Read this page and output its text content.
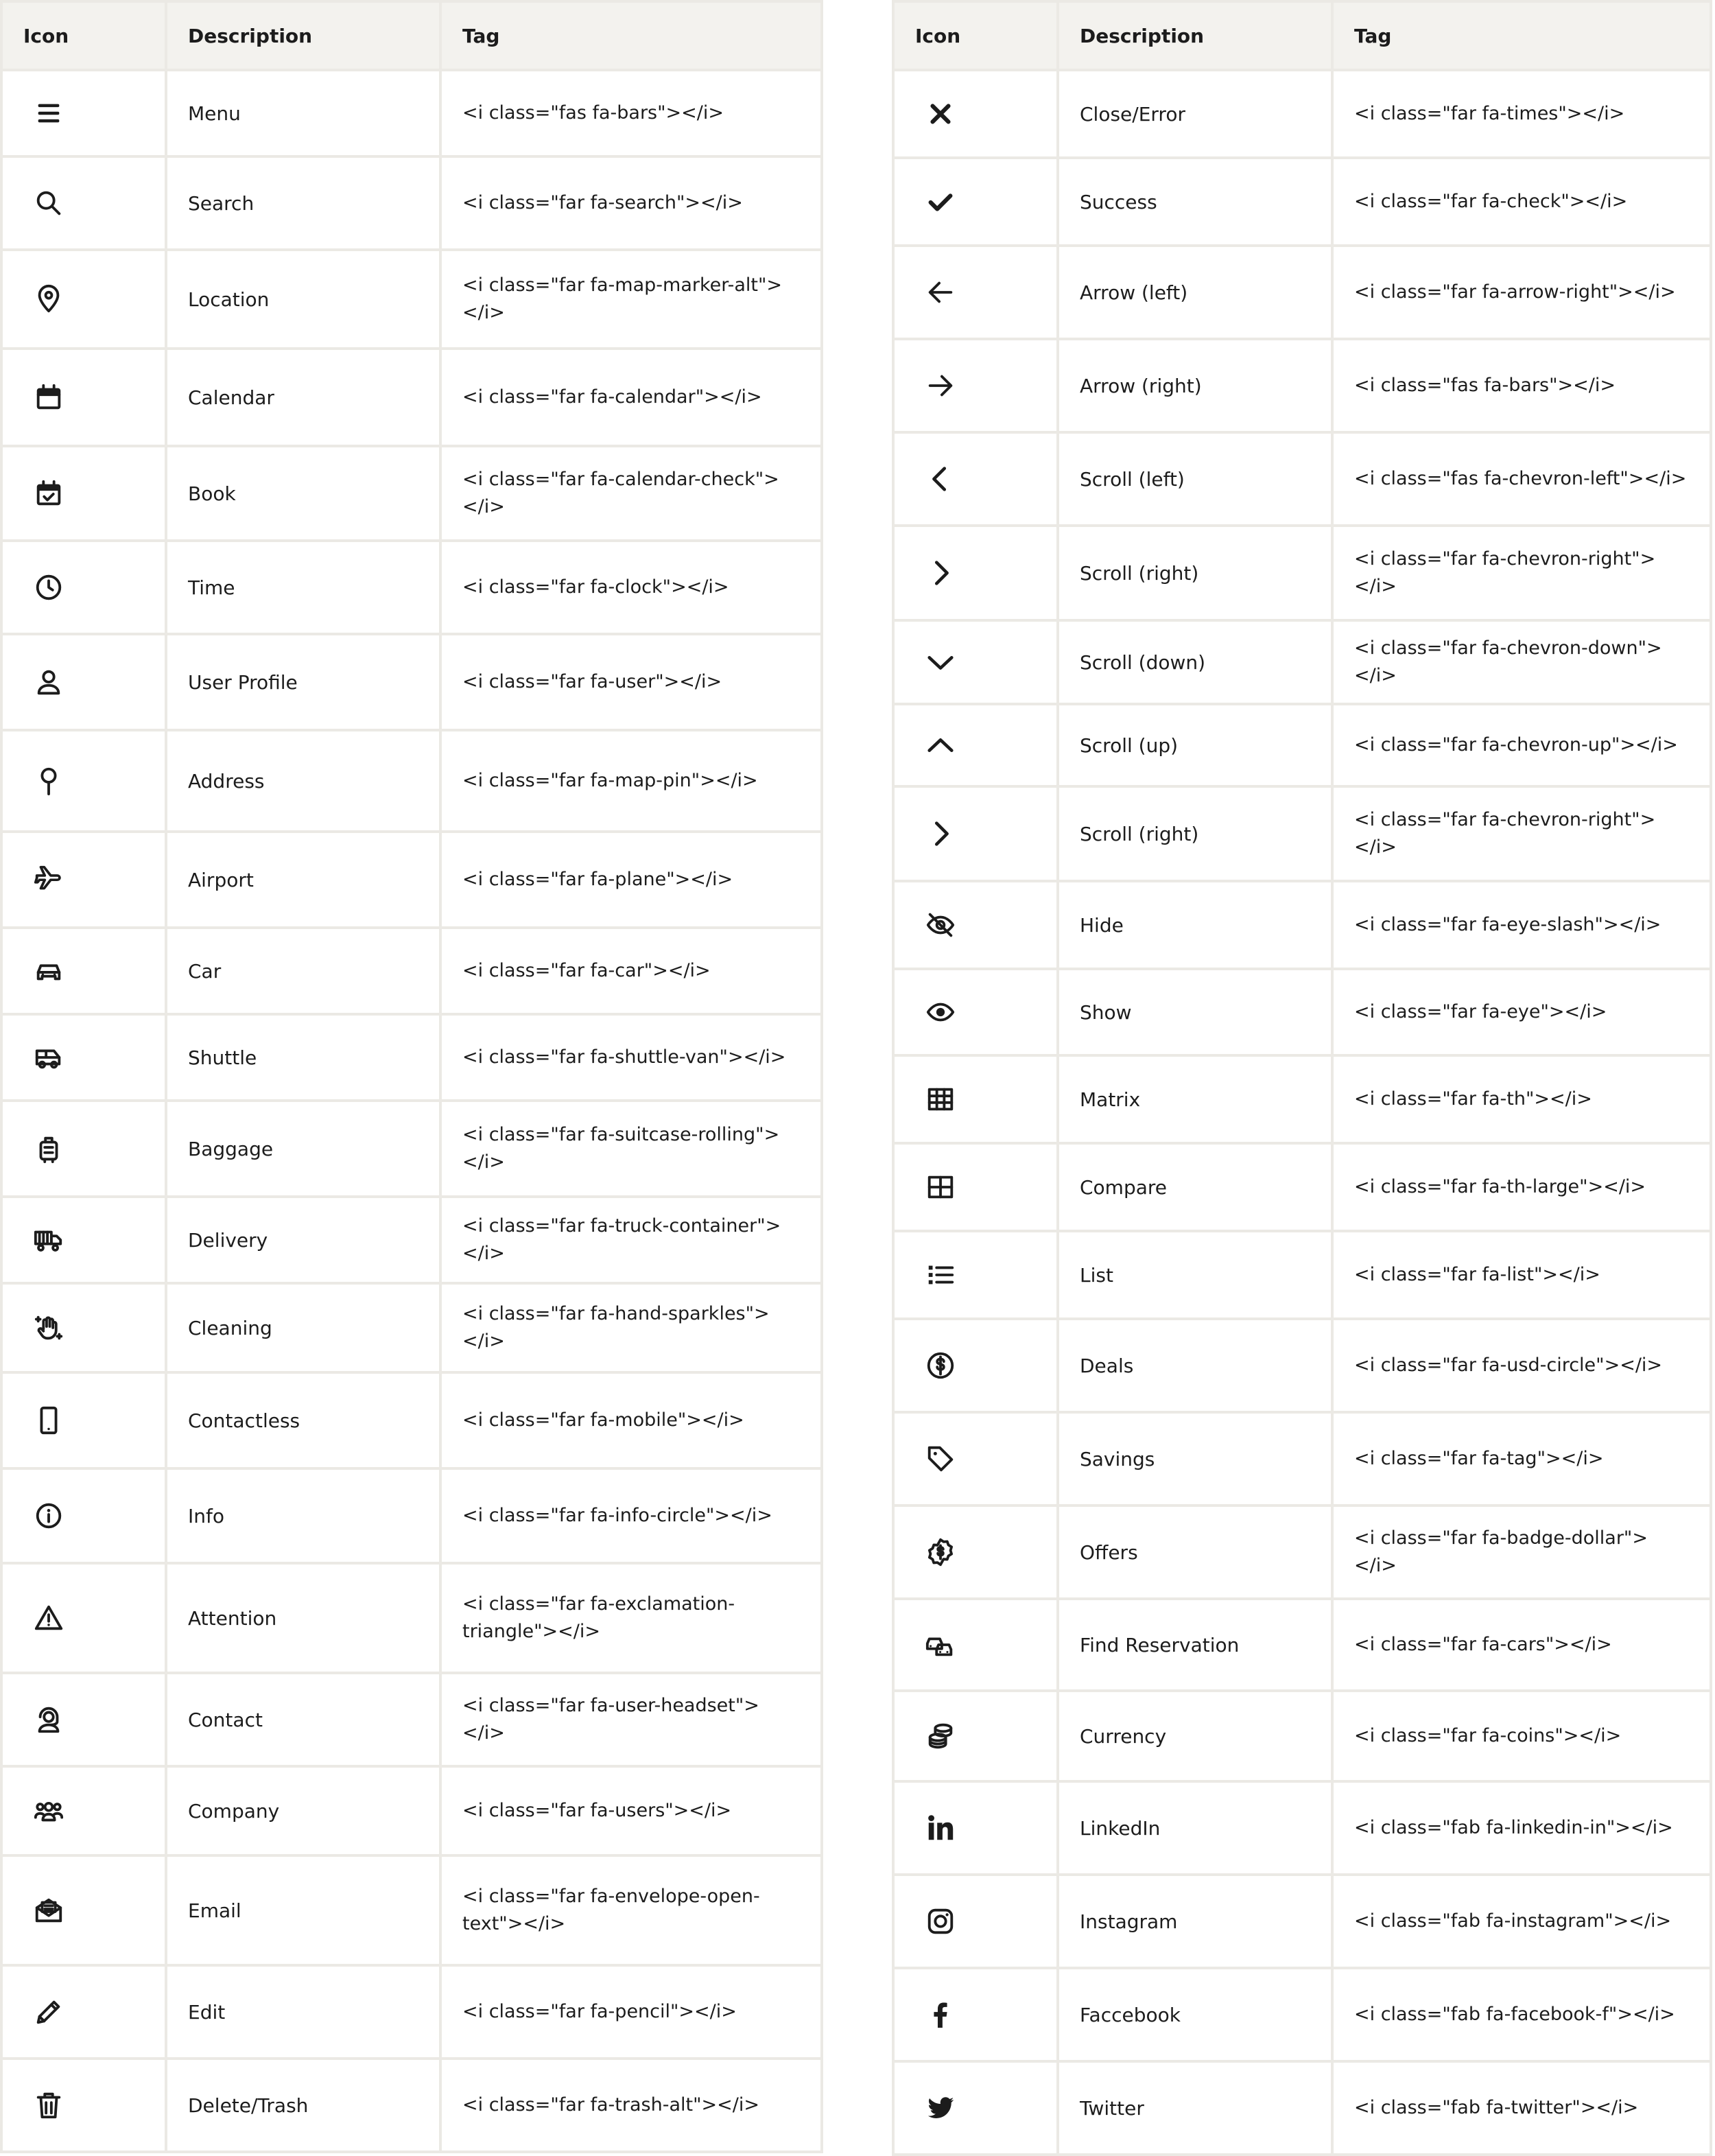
Icon	Description	Tag

	Menu	<i class="fas fa-bars"></i>

	Search	<i class="far fa-search"></i>

	Location	<i class="far fa-map-marker-alt"></i>

	Calendar	<i class="far fa-calendar"></i>

	Book	<i class="far fa-calendar-check"></i>

	Time	<i class="far fa-clock"></i>

	User Profile	<i class="far fa-user"></i>

	Address	<i class="far fa-map-pin"></i>

	Airport	<i class="far fa-plane"></i>

	Car	<i class="far fa-car"></i>

	Shuttle	<i class="far fa-shuttle-van"></i>

	Baggage	<i class="far fa-suitcase-rolling"></i>

	Delivery	<i class="far fa-truck-container"></i>

	Cleaning	<i class="far fa-hand-sparkles"></i>

	Contactless	<i class="far fa-mobile"></i>

	Info	<i class="far fa-info-circle"></i>

	Attention	<i class="far fa-exclamation-triangle"></i>

	Contact	<i class="far fa-user-headset"></i>

	Company	<i class="far fa-users"></i>

	Email	<i class="far fa-envelope-open-text"></i>

	Edit	<i class="far fa-pencil"></i>

	Delete/Trash	<i class="far fa-trash-alt"></i>
Icon	Description	Tag

	Close/Error	<i class="far fa-times"></i>

	Success	<i class="far fa-check"></i>

	Arrow (left)	<i class="far fa-arrow-right"></i>

	Arrow (right)	<i class="fas fa-bars"></i>

	Scroll (left)	<i class="fas fa-chevron-left"></i>

	Scroll (right)	<i class="far fa-chevron-right"></i>

	Scroll (down)	<i class="far fa-chevron-down"></i>

	Scroll (up)	<i class="far fa-chevron-up"></i>

	Scroll (right)	<i class="far fa-chevron-right"></i>

	Hide	<i class="far fa-eye-slash"></i>

	Show	<i class="far fa-eye"></i>

	Matrix	<i class="far fa-th"></i>

	Compare	<i class="far fa-th-large"></i>

	List	<i class="far fa-list"></i>

	Deals	<i class="far fa-usd-circle"></i>

	Savings	<i class="far fa-tag"></i>

	Offers	<i class="far fa-badge-dollar"></i>

	Find Reservation	<i class="far fa-cars"></i>

	Currency	<i class="far fa-coins"></i>

	LinkedIn	<i class="fab fa-linkedin-in"></i>

	Instagram	<i class="fab fa-instagram"></i>

	Faccebook	<i class="fab fa-facebook-f"></i>

	Twitter	<i class="fab fa-twitter"></i>
